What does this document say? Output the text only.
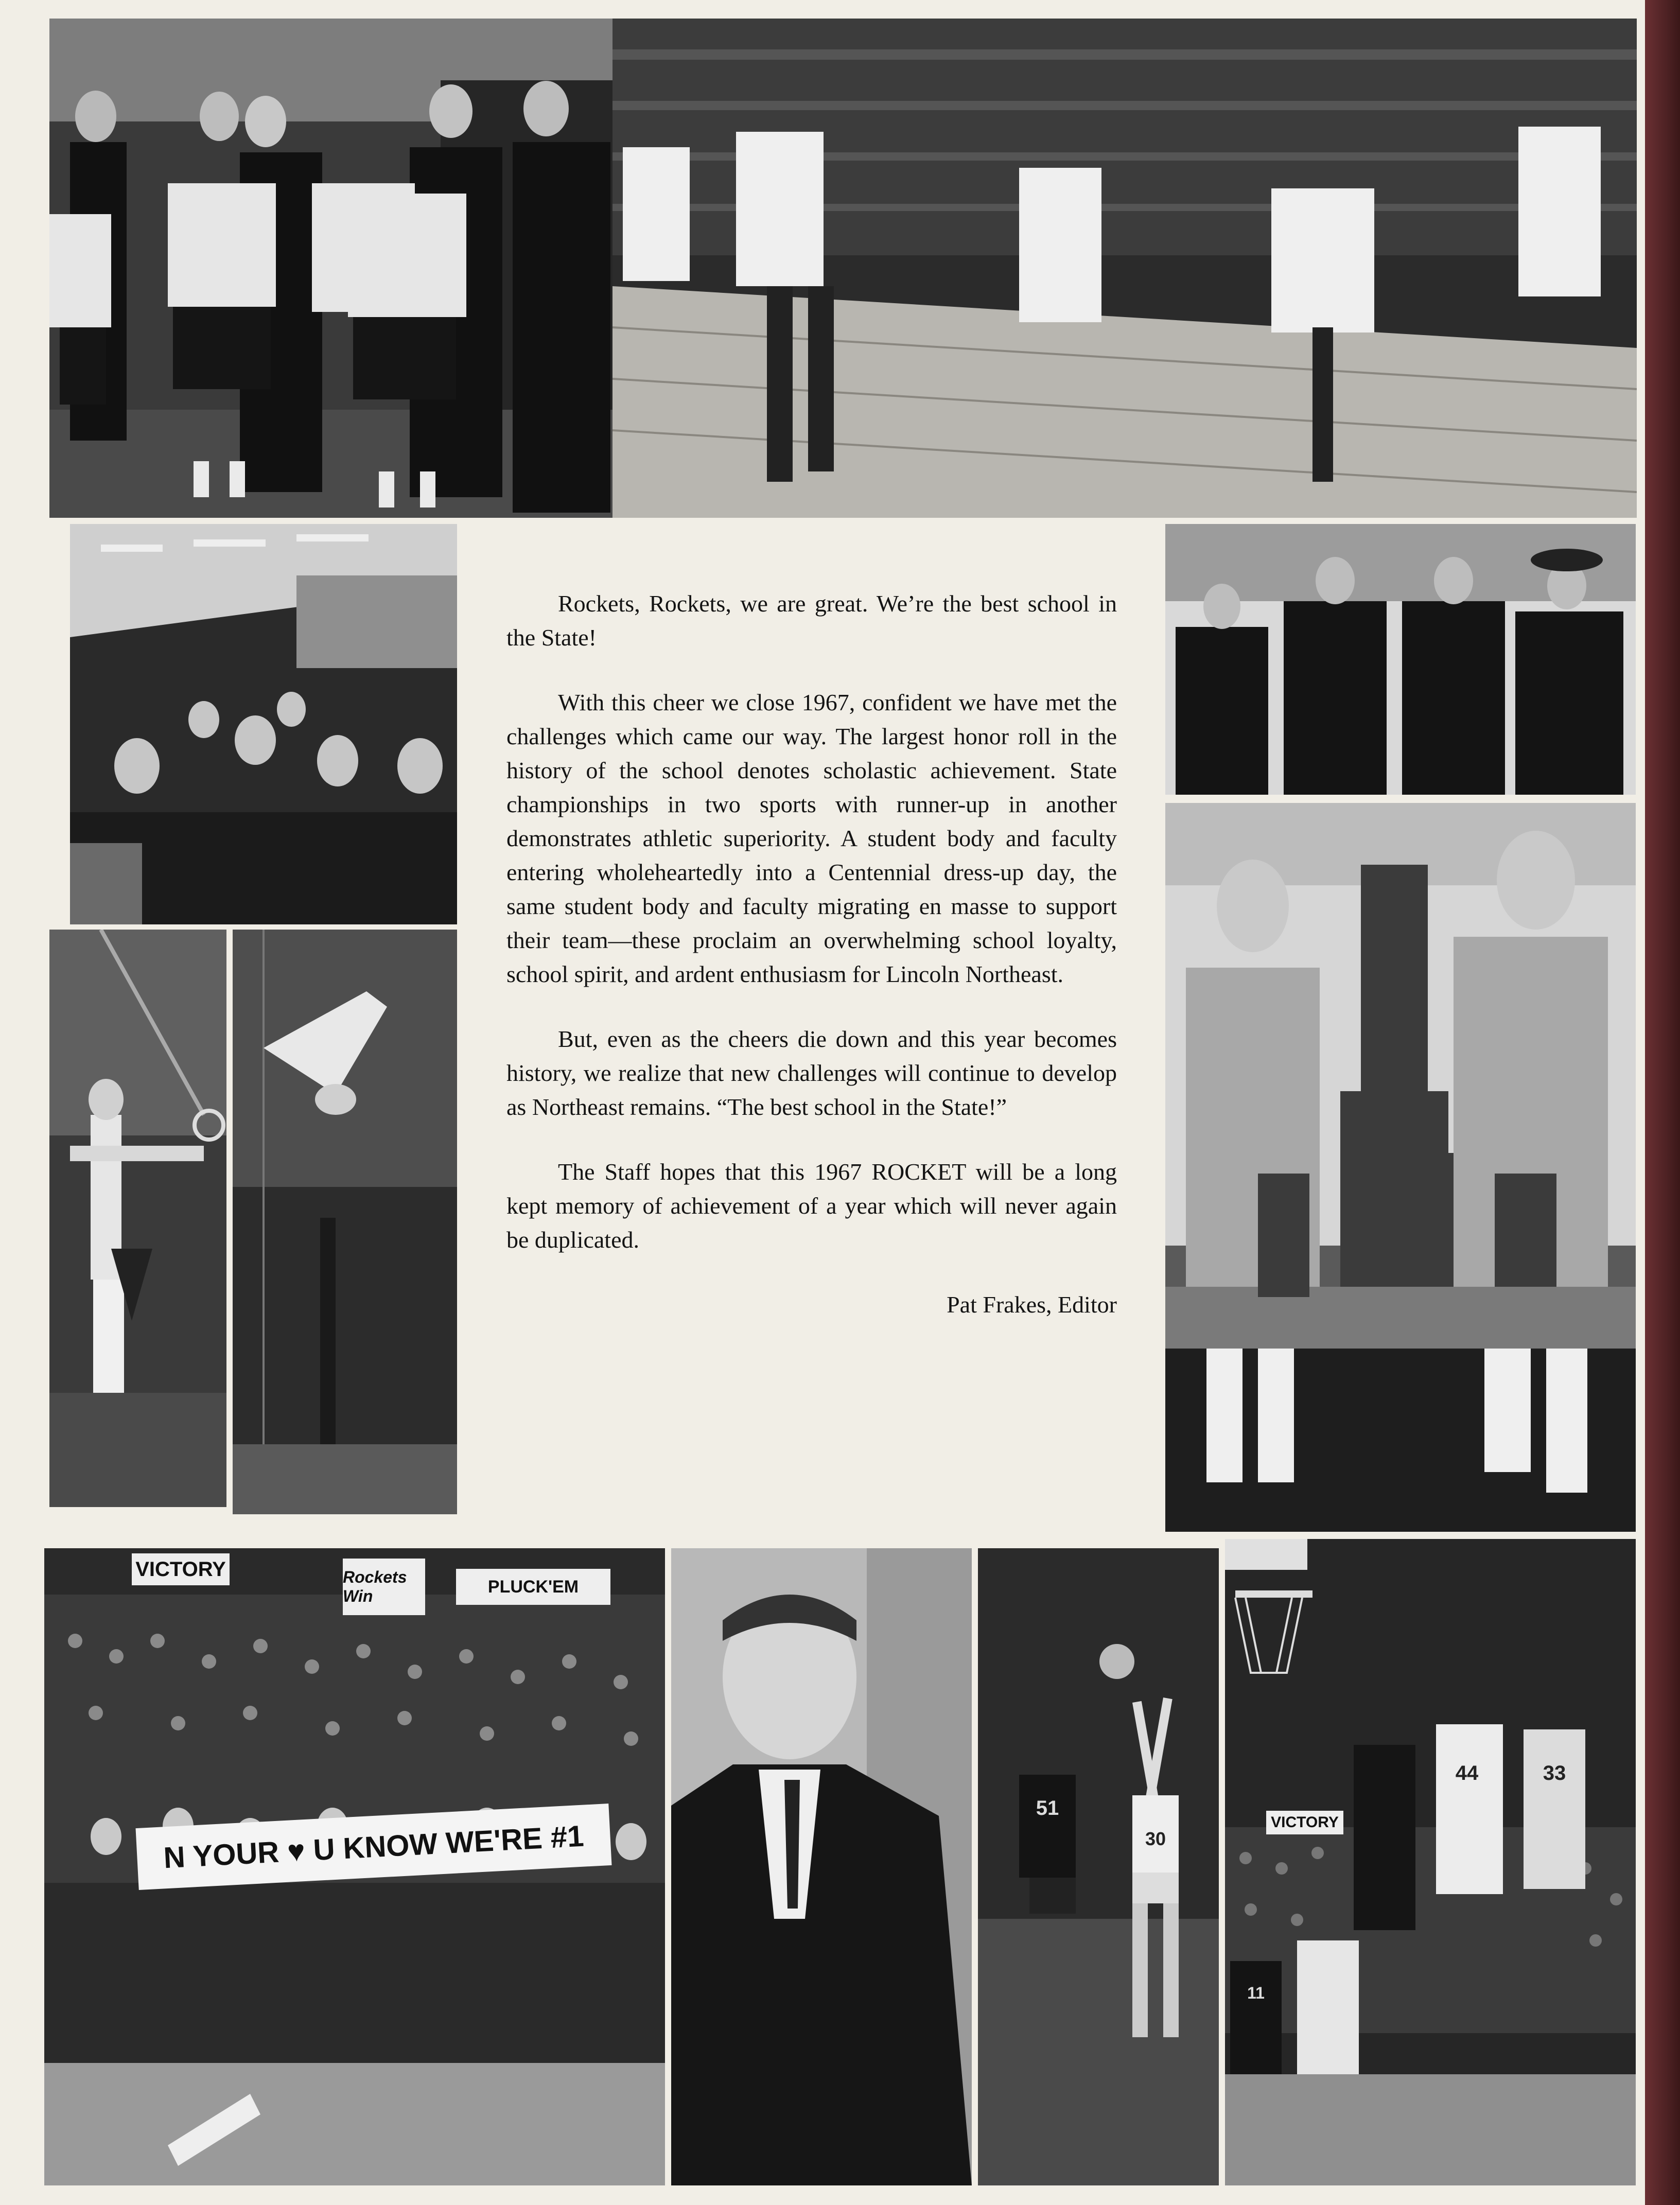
Rockets, Rockets, we are great. We’re the best school in the State!

With this cheer we close 1967, confident we have met the challenges which came our way. The largest honor roll in the history of the school denotes scholastic achievement. State championships in two sports with runner-up in another demonstrates athletic superiority. A student body and faculty entering wholeheartedly into a Centennial dress-up day, the same student body and faculty migrating en masse to support their team—these proclaim an overwhelming school loyalty, school spirit, and ardent enthusiasm for Lincoln Northeast.

But, even as the cheers die down and this year becomes history, we realize that new challenges will continue to develop as Northeast remains. “The best school in the State!”

The Staff hopes that this 1967 ROCKET will be a long kept memory of achievement of a year which will never again be duplicated.

Pat Frakes, Editor

VICTORY	Rockets Win	PLUCK'EM
N YOUR ♥ U KNOW WE'RE #1
51
30
VICTORY
44	33
11
